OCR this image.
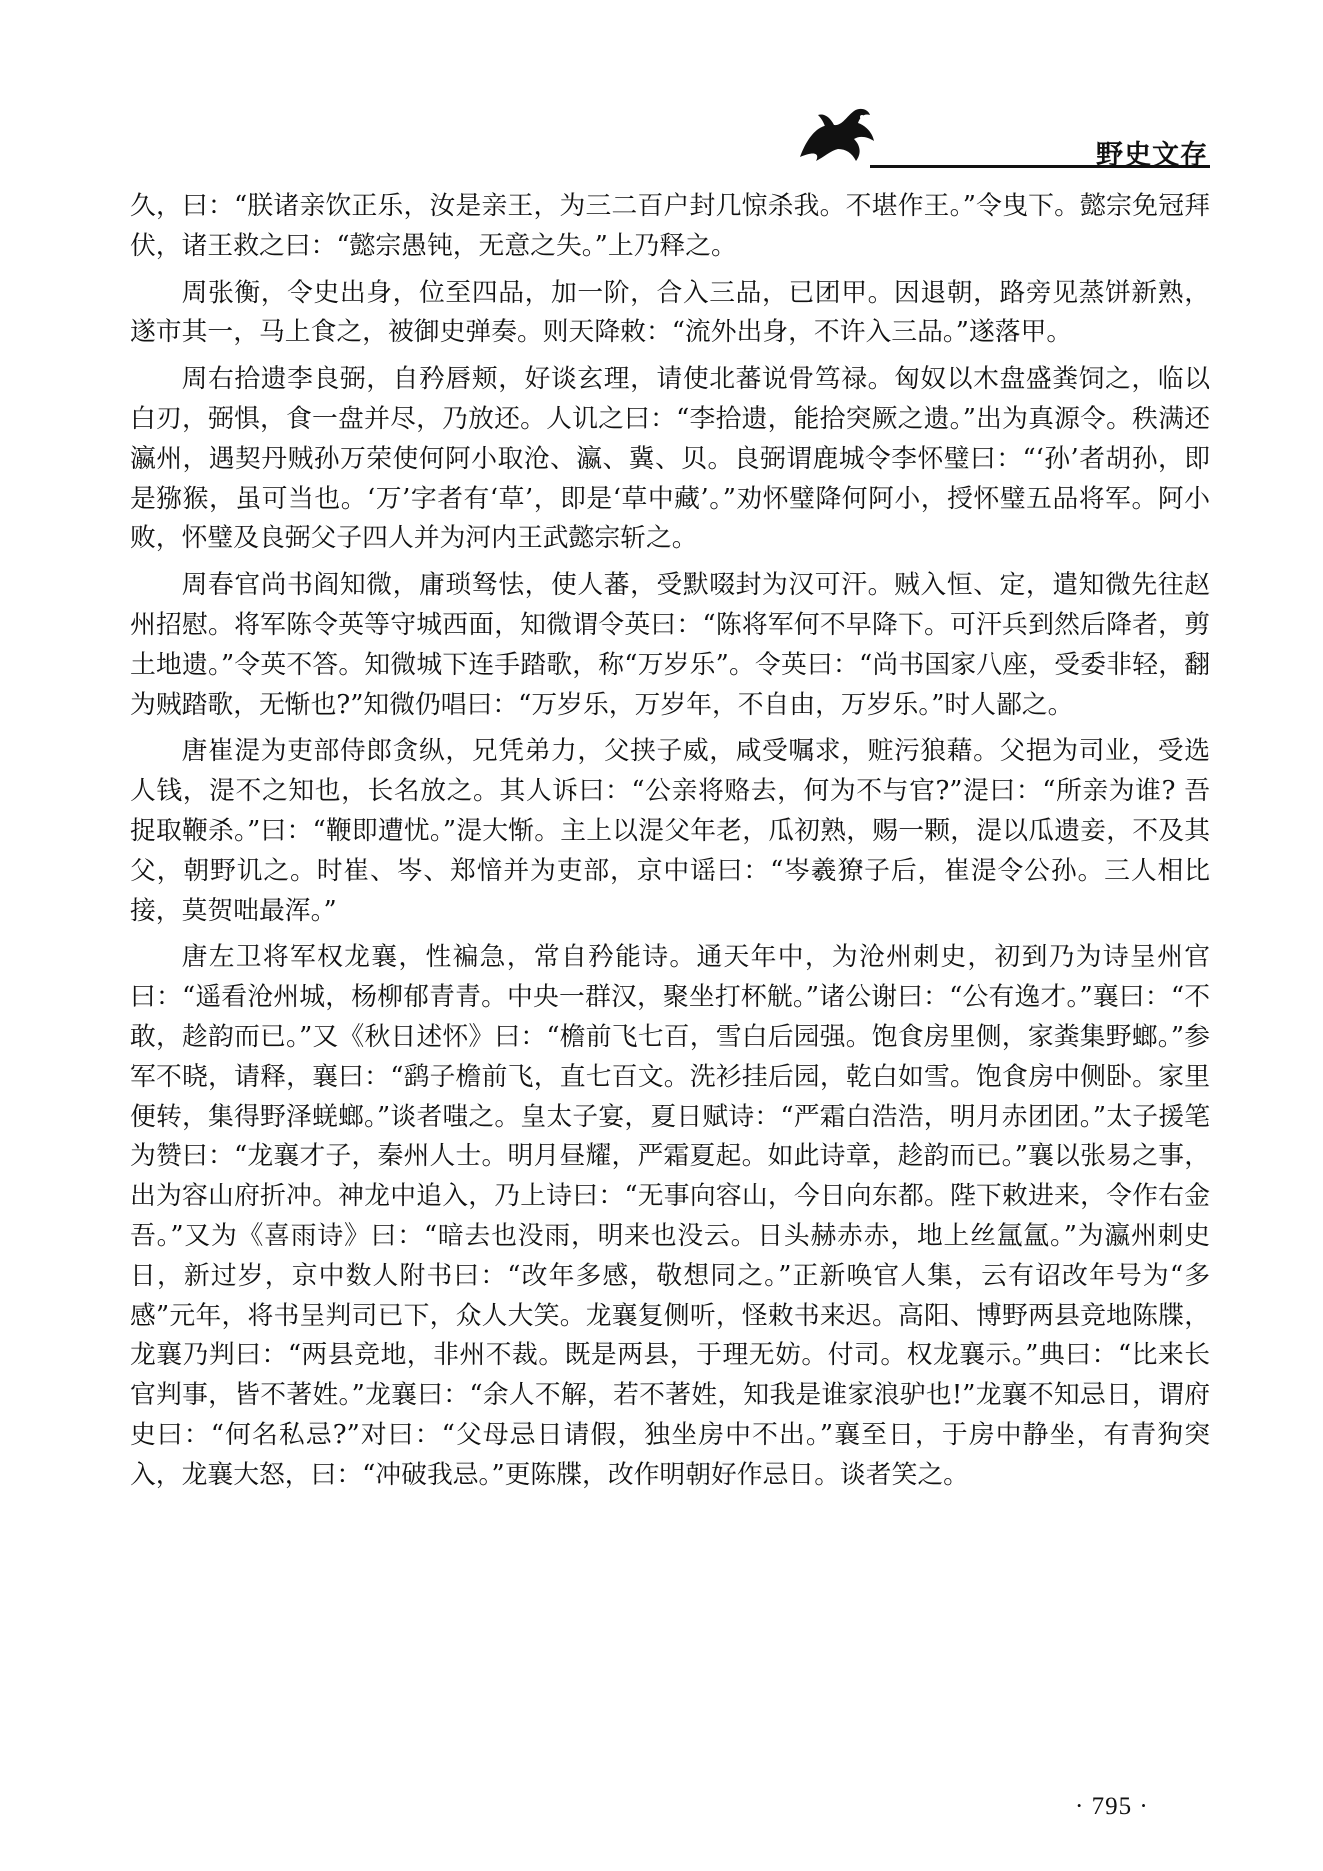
野史文存

久，曰：“朕诸亲饮正乐，汝是亲王，为三二百户封几惊杀我。不堪作王。”令曳下。懿宗免冠拜伏，诸王救之曰：“懿宗愚钝，无意之失。”上乃释之。

周张衡，令史出身，位至四品，加一阶，合入三品，已团甲。因退朝，路旁见蒸饼新熟，遂市其一，马上食之，被御史弹奏。则天降敕：“流外出身，不许入三品。”遂落甲。

周右拾遗李良弼，自矜唇颊，好谈玄理，请使北蕃说骨笃禄。匈奴以木盘盛粪饲之，临以白刃，弼惧，食一盘并尽，乃放还。人讥之曰：“李拾遗，能拾突厥之遗。”出为真源令。秩满还瀛州，遇契丹贼孙万荣使何阿小取沧、瀛、冀、贝。良弼谓鹿城令李怀璧曰：“‘孙’者胡孙，即是猕猴，虽可当也。‘万’字者有‘草’，即是‘草中藏’。”劝怀璧降何阿小，授怀璧五品将军。阿小败，怀璧及良弼父子四人并为河内王武懿宗斩之。

周春官尚书阎知微，庸琐驽怯，使人蕃，受默啜封为汉可汗。贼入恒、定，遣知微先往赵州招慰。将军陈令英等守城西面，知微谓令英曰：“陈将军何不早降下。可汗兵到然后降者，剪土地遗。”令英不答。知微城下连手踏歌，称“万岁乐”。令英曰：“尚书国家八座，受委非轻，翻为贼踏歌，无惭也?”知微仍唱曰：“万岁乐，万岁年，不自由，万岁乐。”时人鄙之。

唐崔湜为吏部侍郎贪纵，兄凭弟力，父挟子威，咸受嘱求，赃污狼藉。父挹为司业，受选人钱，湜不之知也，长名放之。其人诉曰：“公亲将赂去，何为不与官?”湜曰：“所亲为谁? 吾捉取鞭杀。”曰：“鞭即遭忧。”湜大惭。主上以湜父年老，瓜初熟，赐一颗，湜以瓜遗妾，不及其父，朝野讥之。时崔、岑、郑愔并为吏部，京中谣曰：“岑羲獠子后，崔湜令公孙。三人相比接，莫贺咄最浑。”

唐左卫将军权龙襄，性褊急，常自矜能诗。通天年中，为沧州刺史，初到乃为诗呈州官曰：“遥看沧州城，杨柳郁青青。中央一群汉，聚坐打杯觥。”诸公谢曰：“公有逸才。”襄曰：“不敢，趁韵而已。”又《秋日述怀》曰：“檐前飞七百，雪白后园强。饱食房里侧，家粪集野螂。”参军不晓，请释，襄曰：“鹞子檐前飞，直七百文。洗衫挂后园，乾白如雪。饱食房中侧卧。家里便转，集得野泽蜣螂。”谈者嗤之。皇太子宴，夏日赋诗：“严霜白浩浩，明月赤团团。”太子援笔为赞曰：“龙襄才子，秦州人士。明月昼耀，严霜夏起。如此诗章，趁韵而已。”襄以张易之事，出为容山府折冲。神龙中追入，乃上诗曰：“无事向容山，今日向东都。陛下敕进来，令作右金吾。”又为《喜雨诗》曰：“暗去也没雨，明来也没云。日头赫赤赤，地上丝氲氲。”为瀛州刺史日，新过岁，京中数人附书曰：“改年多感，敬想同之。”正新唤官人集，云有诏改年号为“多感”元年，将书呈判司已下，众人大笑。龙襄复侧听，怪敕书来迟。高阳、博野两县竞地陈牒，龙襄乃判曰：“两县竞地，非州不裁。既是两县，于理无妨。付司。权龙襄示。”典曰：“比来长官判事，皆不著姓。”龙襄曰：“余人不解，若不著姓，知我是谁家浪驴也!”龙襄不知忌日，谓府史曰：“何名私忌?”对曰：“父母忌日请假，独坐房中不出。”襄至日，于房中静坐，有青狗突入，龙襄大怒，曰：“冲破我忌。”更陈牒，改作明朝好作忌日。谈者笑之。

· 795 ·
